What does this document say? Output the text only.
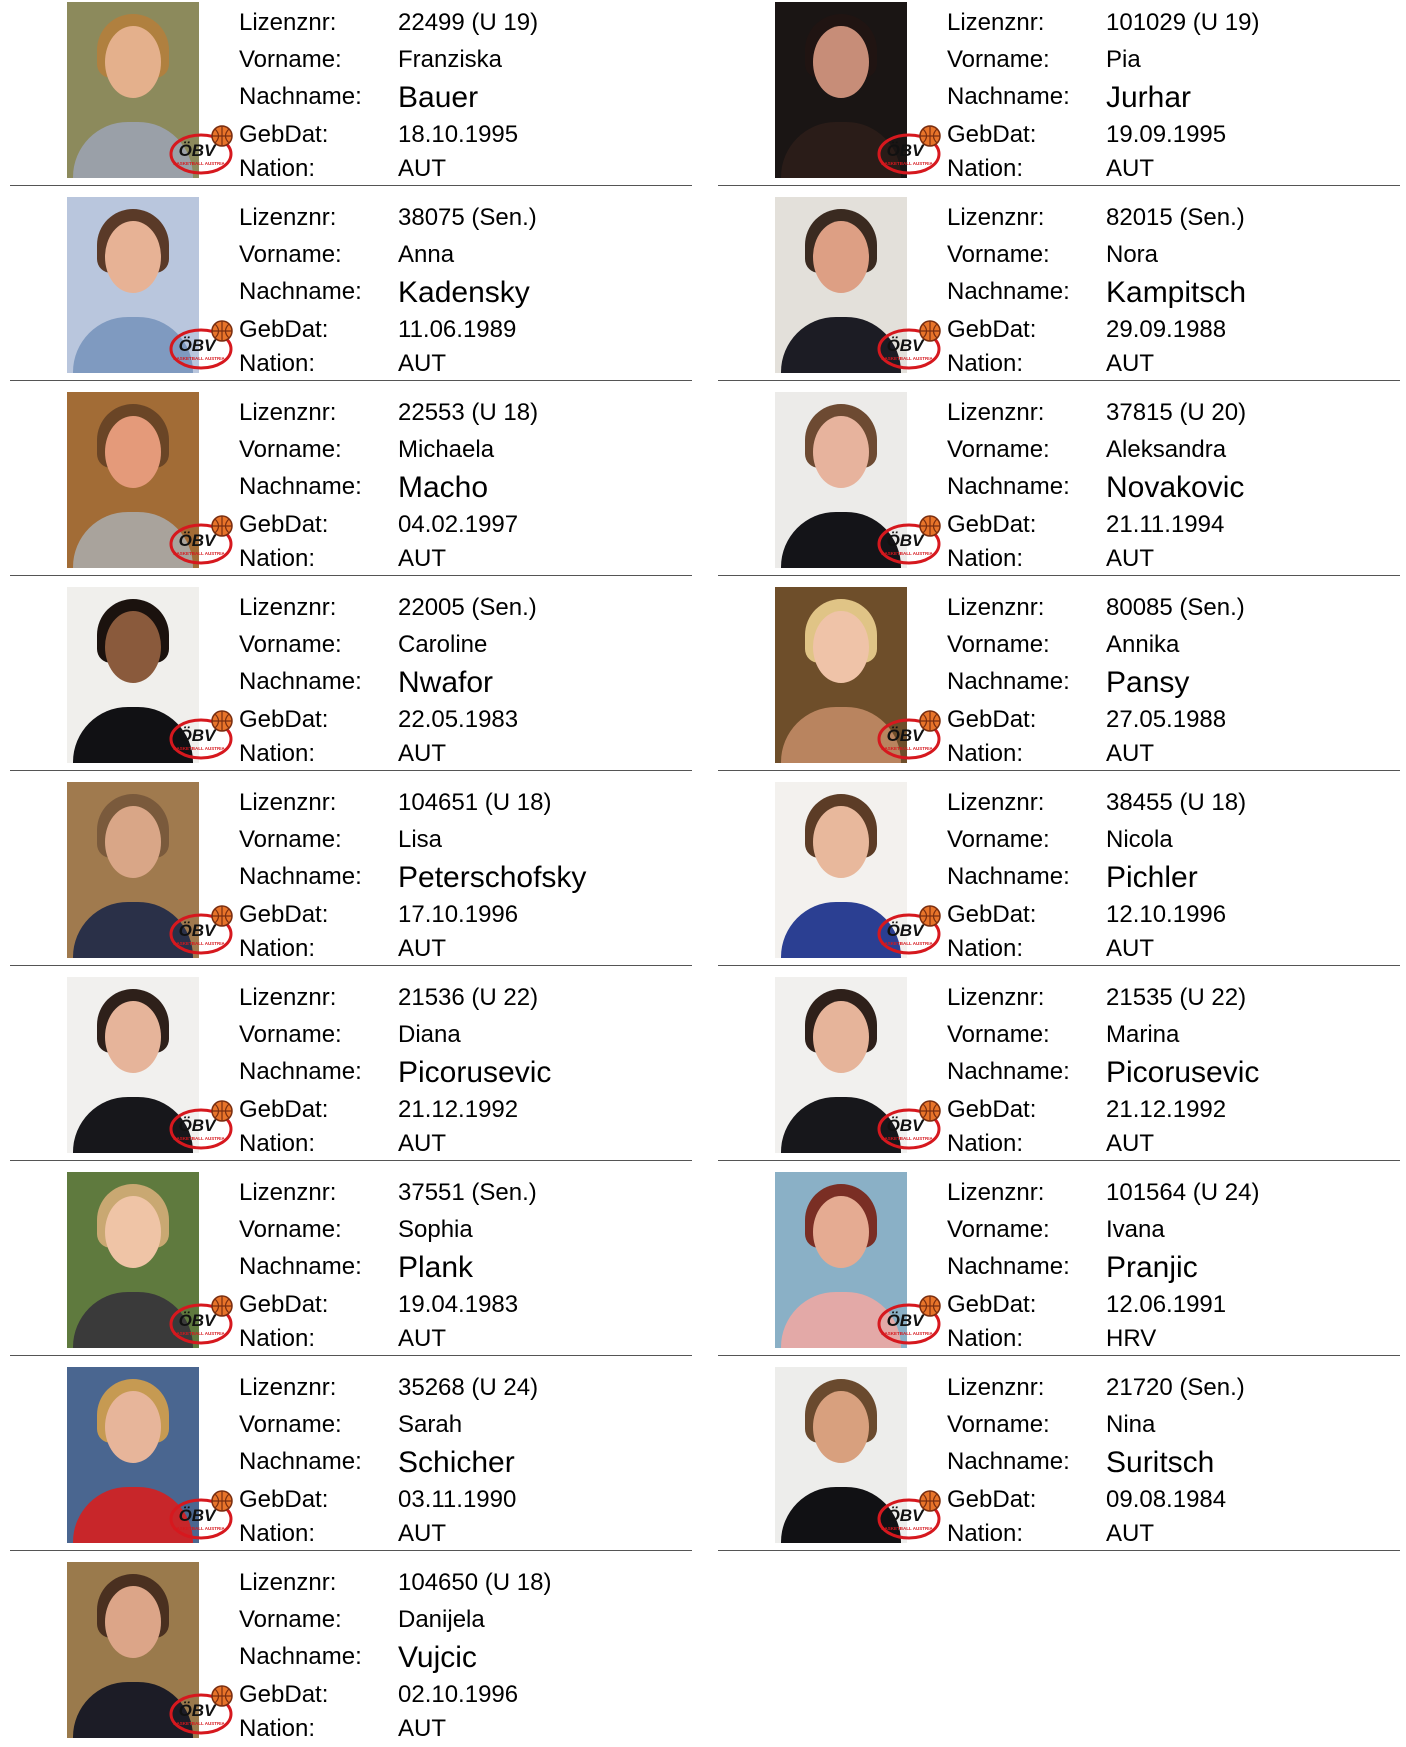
ÖBV
BASKETBALL AUSTRIA
Lizenznr:	22499 (U 19)
Vorname: Franziska
Nachname: Bauer
GebDat:	18.10.1995
Nation:	AUT
ÖBV
BASKETBALL AUSTRIA
Lizenznr:	101029 (U 19)
Vorname: Pia
Nachname: Jurhar
GebDat:	19.09.1995
Nation:	AUT
ÖBV
BASKETBALL AUSTRIA
Lizenznr:	38075 (Sen.)
Vorname: Anna
Nachname: Kadensky
GebDat:	11.06.1989
Nation:	AUT
ÖBV
BASKETBALL AUSTRIA
Lizenznr:	82015 (Sen.)
Vorname: Nora
Nachname: Kampitsch
GebDat:	29.09.1988
Nation:	AUT
ÖBV
BASKETBALL AUSTRIA
Lizenznr:	22553 (U 18)
Vorname: Michaela
Nachname: Macho
GebDat:	04.02.1997
Nation:	AUT
ÖBV
BASKETBALL AUSTRIA
Lizenznr:	37815 (U 20)
Vorname: Aleksandra
Nachname: Novakovic
GebDat:	21.11.1994
Nation:	AUT
ÖBV
BASKETBALL AUSTRIA
Lizenznr:	22005 (Sen.)
Vorname: Caroline
Nachname: Nwafor
GebDat:	22.05.1983
Nation:	AUT
ÖBV
BASKETBALL AUSTRIA
Lizenznr:	80085 (Sen.)
Vorname: Annika
Nachname: Pansy
GebDat:	27.05.1988
Nation:	AUT
ÖBV
BASKETBALL AUSTRIA
Lizenznr:	104651 (U 18)
Vorname: Lisa
Nachname: Peterschofsky
GebDat:	17.10.1996
Nation:	AUT
ÖBV
BASKETBALL AUSTRIA
Lizenznr:	38455 (U 18)
Vorname: Nicola
Nachname: Pichler
GebDat:	12.10.1996
Nation:	AUT
ÖBV
BASKETBALL AUSTRIA
Lizenznr:	21536 (U 22)
Vorname: Diana
Nachname: Picorusevic
GebDat:	21.12.1992
Nation:	AUT
ÖBV
BASKETBALL AUSTRIA
Lizenznr:	21535 (U 22)
Vorname: Marina
Nachname: Picorusevic
GebDat:	21.12.1992
Nation:	AUT
ÖBV
BASKETBALL AUSTRIA
Lizenznr:	37551 (Sen.)
Vorname: Sophia
Nachname: Plank
GebDat:	19.04.1983
Nation:	AUT
ÖBV
BASKETBALL AUSTRIA
Lizenznr:	101564 (U 24)
Vorname: Ivana
Nachname: Pranjic
GebDat:	12.06.1991
Nation:	HRV
ÖBV
BASKETBALL AUSTRIA
Lizenznr:	35268 (U 24)
Vorname: Sarah
Nachname: Schicher
GebDat:	03.11.1990
Nation:	AUT
ÖBV
BASKETBALL AUSTRIA
Lizenznr:	21720 (Sen.)
Vorname: Nina
Nachname: Suritsch
GebDat:	09.08.1984
Nation:	AUT
ÖBV
BASKETBALL AUSTRIA
Lizenznr:	104650 (U 18)
Vorname: Danijela
Nachname: Vujcic
GebDat:	02.10.1996
Nation:	AUT
